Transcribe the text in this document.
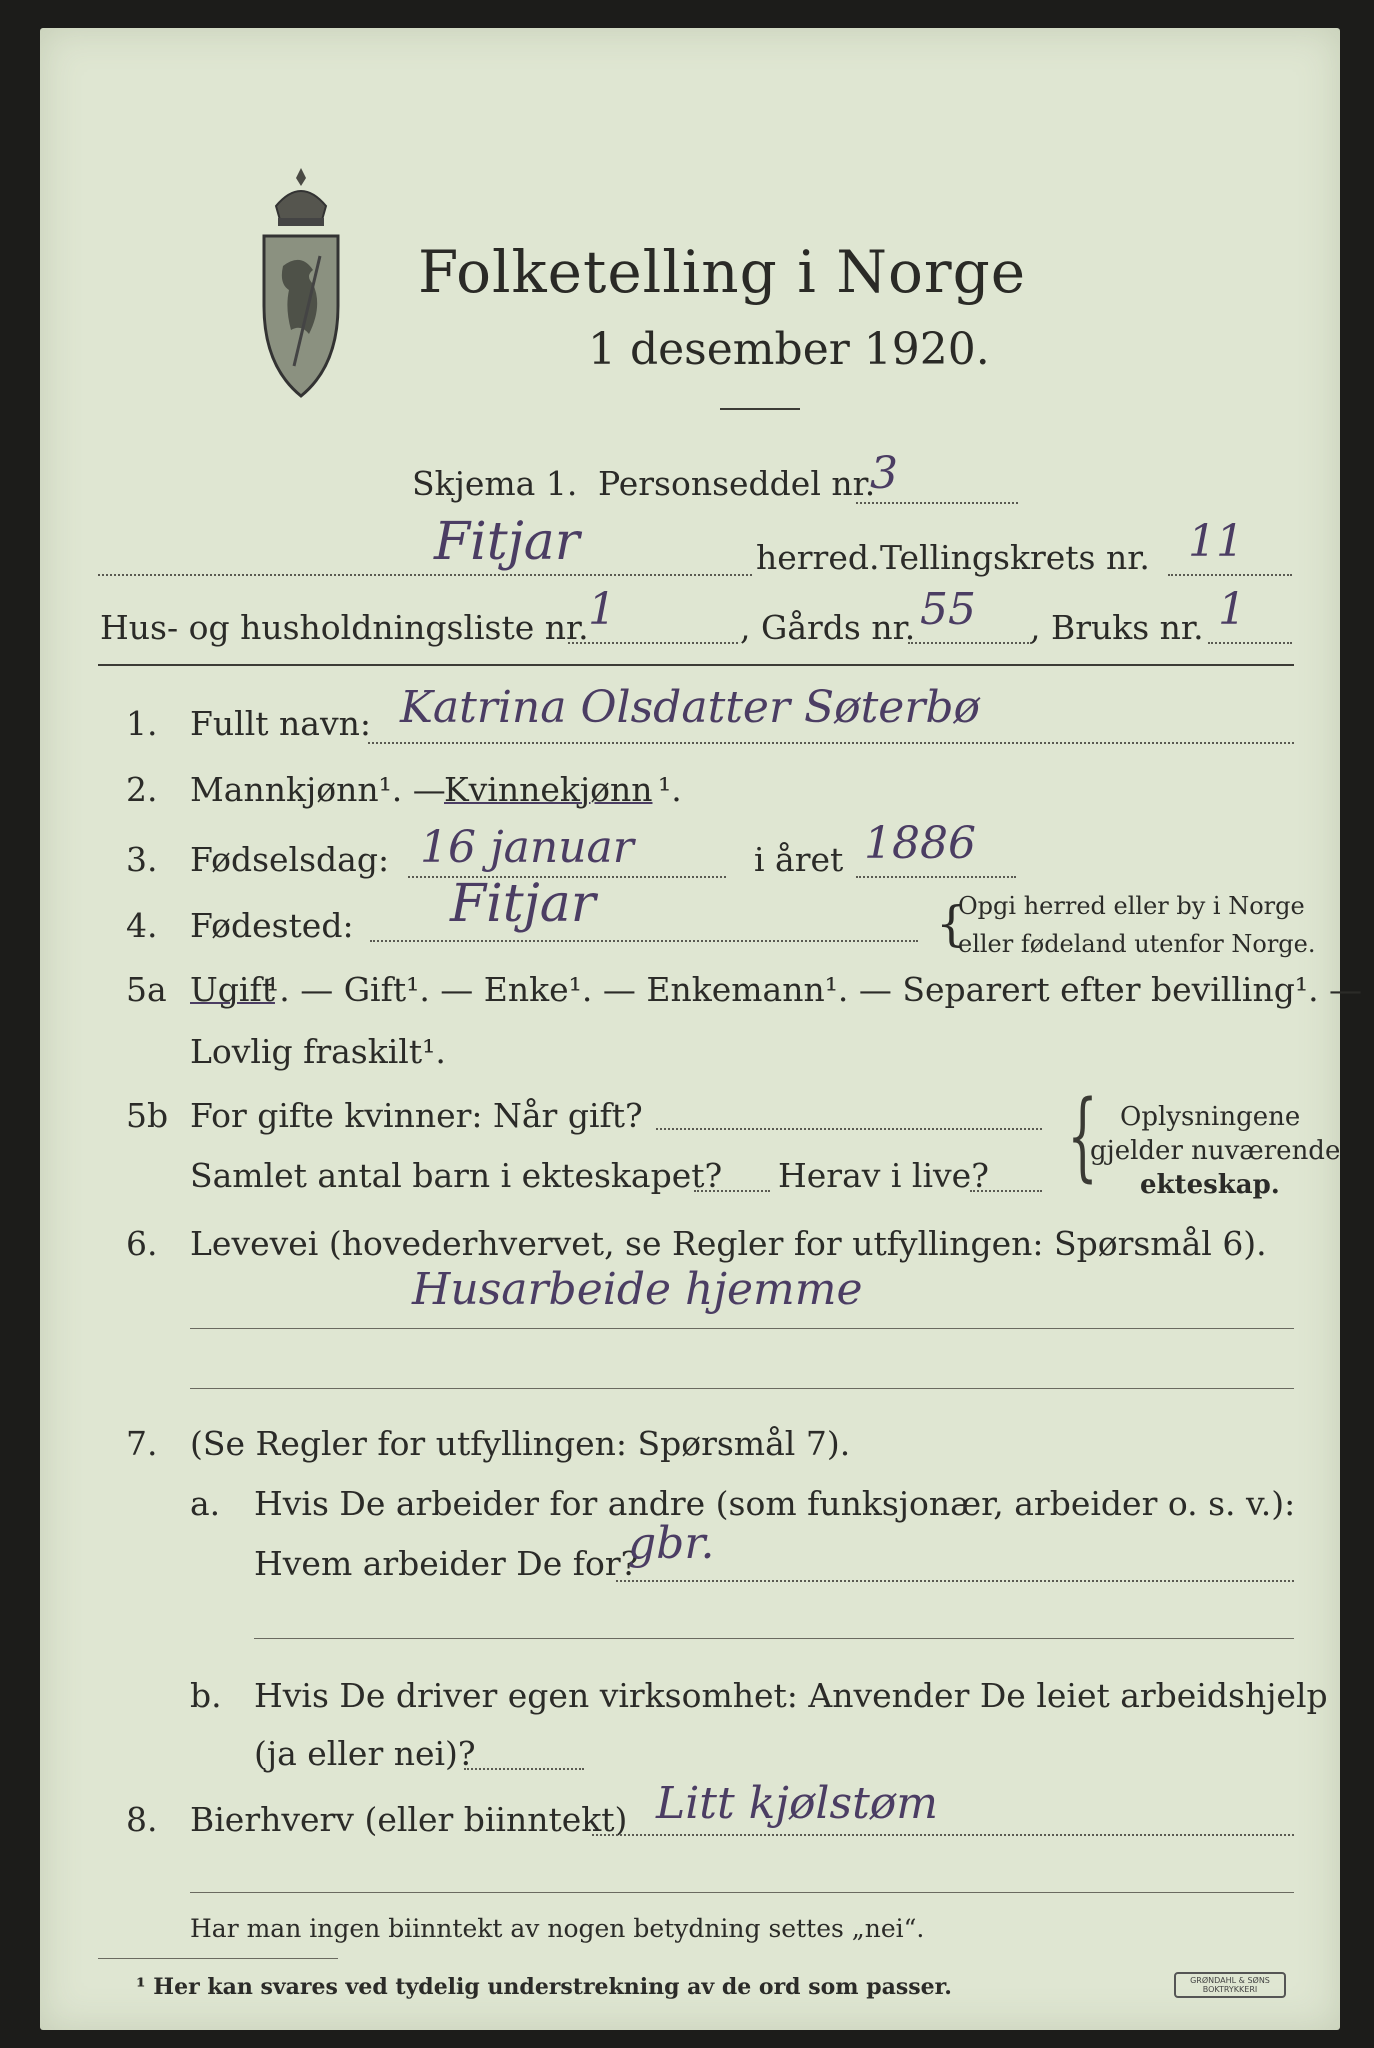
Folketelling i Norge
1 desember 1920.
Skjema 1. Personseddel nr.
3
Fitjar	herred. Tellingskrets nr. 11
Hus- og husholdningsliste nr. 1	, Gårds nr. 55 , Bruks nr. 1
1. Fullt navn: Katrina Olsdatter Søterbø
2. Mannkjønn¹. —
Kvinnekjønn ¹.
3. Fødselsdag: 16 januar	i året 1886
4. Fødested: Fitjar	{
Opgi herred eller by i Norge
eller fødeland utenfor Norge.
5a Ugift
¹. — Gift¹. — Enke¹. — Enkemann¹. — Separert efter bevilling¹. —
Lovlig fraskilt¹.
5b For gifte kvinner: Når gift?
Samlet antal barn i ekteskapet? Herav i live? { Oplysningene
gjelder nuværende
ekteskap.
6. Levevei (hovederhvervet, se Regler for utfyllingen: Spørsmål 6).
Husarbeide hjemme
7. (Se Regler for utfyllingen: Spørsmål 7).
a. Hvis De arbeider for andre (som funksjonær, arbeider o. s. v.):
Hvem arbeider De for?
gbr.
b. Hvis De driver egen virksomhet: Anvender De leiet arbeidshjelp
(ja eller nei)?
8. Bierhverv (eller biinntekt) Litt kjølstøm
Har man ingen biinntekt av nogen betydning settes „nei“.
¹ Her kan svares ved tydelig understrekning av de ord som passer.	GRØNDAHL & SØNS BOKTRYKKERI
